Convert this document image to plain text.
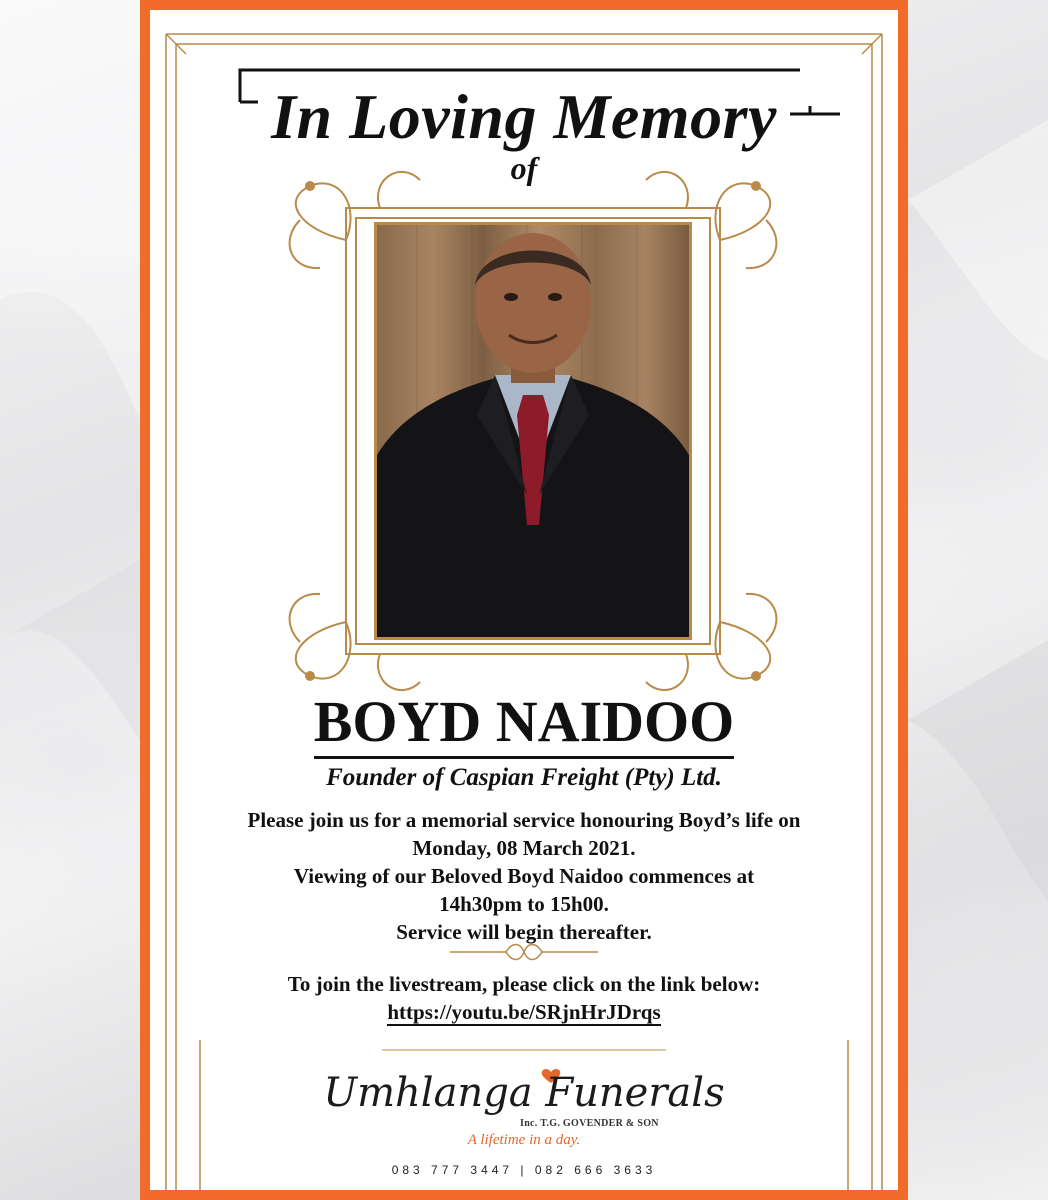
In Loving Memory
of
BOYD NAIDOO
Founder of Caspian Freight (Pty) Ltd.
Please join us for a memorial service honouring Boyd’s life on
Monday, 08 March 2021.
Viewing of our Beloved Boyd Naidoo commences at
14h30pm to 15h00.
Service will begin thereafter.
To join the livestream, please click on the link below:
https://youtu.be/SRjnHrJDrqs
Umhlanga Funerals
Inc. T.G. GOVENDER & SON
A lifetime in a day.
083 777 3447 | 082 666 3633
